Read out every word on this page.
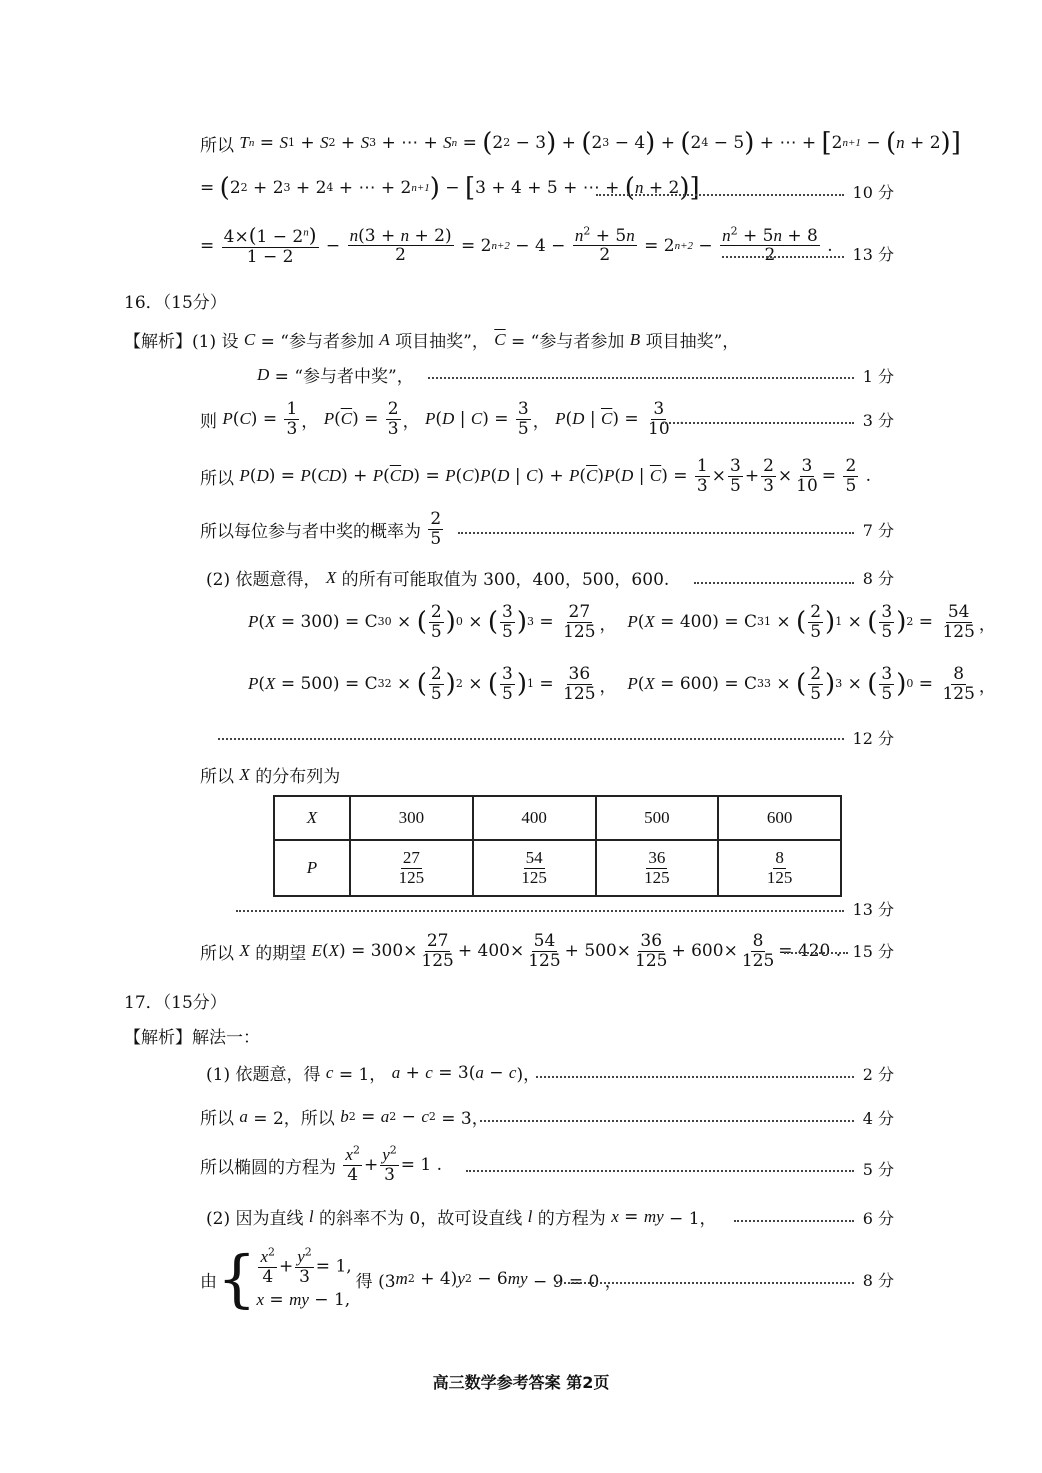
所以 T n = S 1 + S 2 + S 3 + ⋯ + S n = ( 2 2 − 3 ) + ( 2 3 − 4 ) + ( 2 4 − 5 ) + ⋯ + [ 2 n+1 − ( n + 2 ) ]
= ( 2 2 + 2 3 + 2 4 + ⋯ + 2 n+1 ) − [ 3 + 4 + 5 + ⋯ + ( n + 2 ) ]	10 分
= $\frac{4\times(1 - 2^n)}{1 - 2} - \frac{n(3 + n + 2)}{2} = 2$ $n+2 - 4 - \frac{n^2 + 5n}{2} = 2$ $n+2 - \frac{n^2 + 5n + 8}{2}$ . 13 分
16．（15分）
【解析】 (1) 设 C = “参与者参加 A 项目抽奖”， $\overline{C}$ = “参与者参加 B 项目抽奖”，
D = “参与者中奖”，	1 分
则 P ( C ) = $\frac{1}{3}$ ， P ( $\overline{C}$ ) = $\frac{2}{3}$ ， P ( D | C ) = $\frac{3}{5}$ ， P ( D | $\overline{C}$ ) = $\frac{3}{10}$ .	3 分
所以 P ( D ) = P ( CD ) + P ( $\overline{C}$ D ) = P ( C ) P ( D | C ) + P ( $\overline{C}$ ) P ( D | $\overline{C}$ ) = $\frac{1}{3} \times \frac{3}{5} + \frac{2}{3} \times \frac{3}{10} = \frac{2}{5}$ .
所以每位参与者中奖的概率为 $\frac{2}{5}$	7 分
(2) 依题意得， X 的所有可能取值为 300，400，500，600.	8 分
P ( X = 300) = C 3 0 × ( $\frac{2}{5}$ ) 0 × ( $\frac{3}{5}$ ) $3 = \frac{27}{125}$ ， P ( X = 400) = C 3 1 × ( $\frac{2}{5}$ ) 1 × ( $\frac{3}{5}$ ) $2 = \frac{54}{125}$ ，
P ( X = 500) = C 3 2 × ( $\frac{2}{5}$ ) 2 × ( $\frac{3}{5}$ ) $1 = \frac{36}{125}$ ， P ( X = 600) = C 3 3 × ( $\frac{2}{5}$ ) 3 × ( $\frac{3}{5}$ ) $0 = \frac{8}{125}$ ，
12 分
所以 X 的分布列为
X	300	400	500	600
P	$\frac{27}{125}$	$\frac{54}{125}$	$\frac{36}{125}$	$\frac{8}{125}$
13 分
所以 X 的期望 E ( X ) = $300\times \frac{27}{125} + 400\times \frac{54}{125} + 500\times \frac{36}{125} + 600\times \frac{8}{125} = 420$ . 15 分
17．（15分）
【解析】解法一：
(1) 依题意，得 c = 1， a + c = 3( a − c )，	2 分
所以 a = 2，所以 b 2 = a 2 − c 2 = 3，	4 分
所以椭圆的方程为 $\frac{x^2}{4} + \frac{y^2}{3} = 1$ .	5 分
(2) 因为直线 l 的斜率不为 0，故可设直线 l 的方程为 x = my − 1，	6 分
由 { $\frac{x^2}{4} + \frac{y^2}{3} = 1$,
x = my − 1,
得 (3 m 2 + 4) y 2 − 6 my − 9 = 0 ，	8 分
高三数学参考答案 第2页
